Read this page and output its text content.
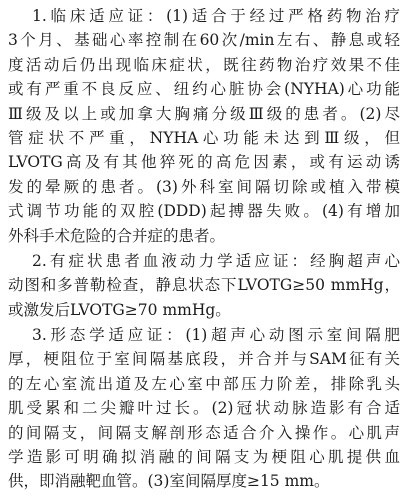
1.临床适应证：(1)适合于经过严格药物治疗
3个月、基础心率控制在60次/min左右、静息或轻
度活动后仍出现临床症状，既往药物治疗效果不佳
或有严重不良反应、纽约心脏协会(NYHA)心功能
Ⅲ级及以上或加拿大胸痛分级Ⅲ级的患者。(2)尽
管症状不严重，NYHA心功能未达到Ⅲ级，但
LVOTG高及有其他猝死的高危因素，或有运动诱
发的晕厥的患者。(3)外科室间隔切除或植入带模
式调节功能的双腔(DDD)起搏器失败。(4)有增加
外科手术危险的合并症的患者。
2.有症状患者血液动力学适应证：经胸超声心
动图和多普勒检查，静息状态下LVOTG≥50 mmHg，
或激发后LVOTG≥70 mmHg。
3.形态学适应证：(1)超声心动图示室间隔肥
厚，梗阻位于室间隔基底段，并合并与SAM征有关
的左心室流出道及左心室中部压力阶差，排除乳头
肌受累和二尖瓣叶过长。(2)冠状动脉造影有合适
的间隔支，间隔支解剖形态适合介入操作。心肌声
学造影可明确拟消融的间隔支为梗阻心肌提供血
供，即消融靶血管。(3)室间隔厚度≥15 mm。
